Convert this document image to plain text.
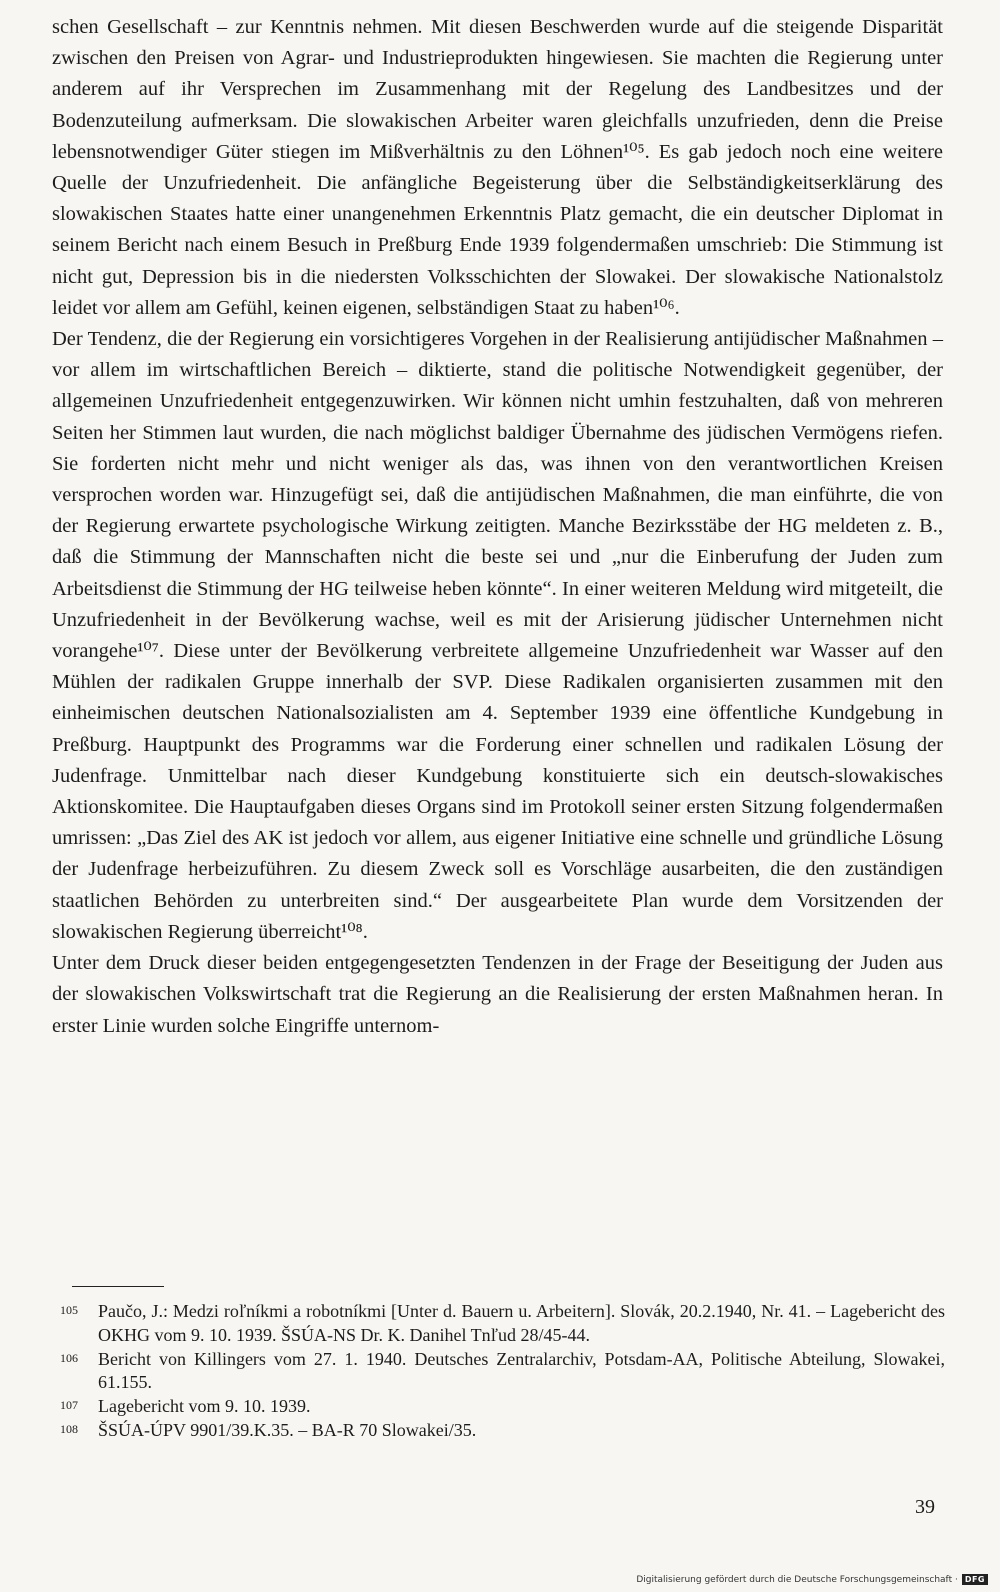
schen Gesellschaft – zur Kenntnis nehmen. Mit diesen Beschwerden wurde auf die steigende Disparität zwischen den Preisen von Agrar- und Industrieprodukten hingewiesen. Sie machten die Regierung unter anderem auf ihr Versprechen im Zusammenhang mit der Regelung des Landbesitzes und der Bodenzuteilung aufmerksam. Die slowakischen Arbeiter waren gleichfalls unzufrieden, denn die Preise lebensnotwendiger Güter stiegen im Mißverhältnis zu den Löhnen¹⁰⁵. Es gab jedoch noch eine weitere Quelle der Unzufriedenheit. Die anfängliche Begeisterung über die Selbständigkeitserklärung des slowakischen Staates hatte einer unangenehmen Erkenntnis Platz gemacht, die ein deutscher Diplomat in seinem Bericht nach einem Besuch in Preßburg Ende 1939 folgendermaßen umschrieb: Die Stimmung ist nicht gut, Depression bis in die niedersten Volksschichten der Slowakei. Der slowakische Nationalstolz leidet vor allem am Gefühl, keinen eigenen, selbständigen Staat zu haben¹⁰⁶.

Der Tendenz, die der Regierung ein vorsichtigeres Vorgehen in der Realisierung antijüdischer Maßnahmen – vor allem im wirtschaftlichen Bereich – diktierte, stand die politische Notwendigkeit gegenüber, der allgemeinen Unzufriedenheit entgegenzuwirken. Wir können nicht umhin festzuhalten, daß von mehreren Seiten her Stimmen laut wurden, die nach möglichst baldiger Übernahme des jüdischen Vermögens riefen. Sie forderten nicht mehr und nicht weniger als das, was ihnen von den verantwortlichen Kreisen versprochen worden war. Hinzugefügt sei, daß die antijüdischen Maßnahmen, die man einführte, die von der Regierung erwartete psychologische Wirkung zeitigten. Manche Bezirksstäbe der HG meldeten z. B., daß die Stimmung der Mannschaften nicht die beste sei und „nur die Einberufung der Juden zum Arbeitsdienst die Stimmung der HG teilweise heben könnte“. In einer weiteren Meldung wird mitgeteilt, die Unzufriedenheit in der Bevölkerung wachse, weil es mit der Arisierung jüdischer Unternehmen nicht vorangehe¹⁰⁷. Diese unter der Bevölkerung verbreitete allgemeine Unzufriedenheit war Wasser auf den Mühlen der radikalen Gruppe innerhalb der SVP. Diese Radikalen organisierten zusammen mit den einheimischen deutschen Nationalsozialisten am 4. September 1939 eine öffentliche Kundgebung in Preßburg. Hauptpunkt des Programms war die Forderung einer schnellen und radikalen Lösung der Judenfrage. Unmittelbar nach dieser Kundgebung konstituierte sich ein deutsch-slowakisches Aktionskomitee. Die Hauptaufgaben dieses Organs sind im Protokoll seiner ersten Sitzung folgendermaßen umrissen: „Das Ziel des AK ist jedoch vor allem, aus eigener Initiative eine schnelle und gründliche Lösung der Judenfrage herbeizuführen. Zu diesem Zweck soll es Vorschläge ausarbeiten, die den zuständigen staatlichen Behörden zu unterbreiten sind.“ Der ausgearbeitete Plan wurde dem Vorsitzenden der slowakischen Regierung überreicht¹⁰⁸.

Unter dem Druck dieser beiden entgegengesetzten Tendenzen in der Frage der Beseitigung der Juden aus der slowakischen Volkswirtschaft trat die Regierung an die Realisierung der ersten Maßnahmen heran. In erster Linie wurden solche Eingriffe unternom-

105	Paučo, J.: Medzi roľníkmi a robotníkmi [Unter d. Bauern u. Arbeitern]. Slovák, 20.2.1940, Nr. 41. – Lagebericht des OKHG vom 9. 10. 1939. ŠSÚA-NS Dr. K. Danihel Tnľud 28/45-44.
106	Bericht von Killingers vom 27. 1. 1940. Deutsches Zentralarchiv, Potsdam-AA, Politische Abteilung, Slowakei, 61.155.
107	Lagebericht vom 9. 10. 1939.
108	ŠSÚA-ÚPV 9901/39.K.35. – BA-R 70 Slowakei/35.
39
Digitalisierung gefördert durch die Deutsche Forschungsgemeinschaft · DFG
